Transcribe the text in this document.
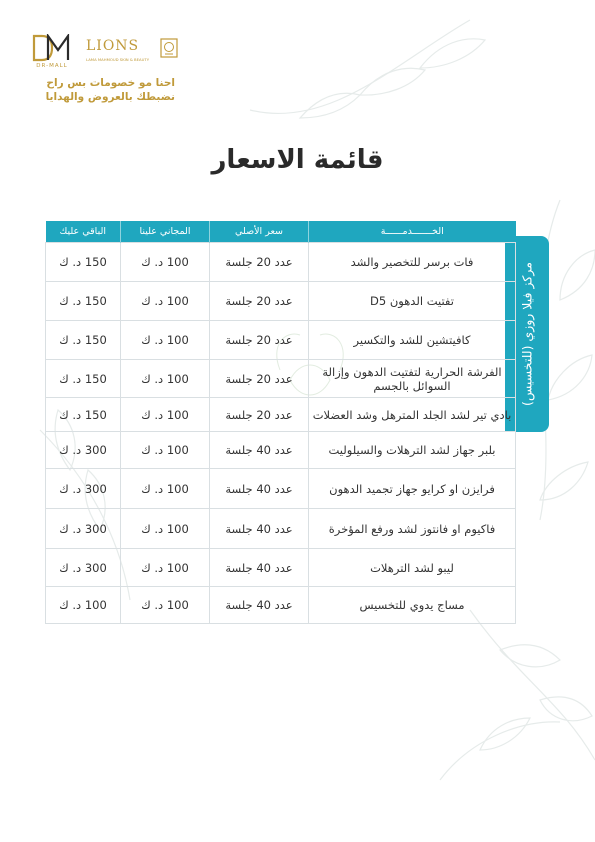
DR-MALL
LIONS
LAMA MAHMOUD SKIN & BEAUTY
احنا مو خصومات بس راح
نضبطك بالعروض والهدايا
قائمة الاسعار
مركز فيلا روزي (للتخسيس)
الباقي عليك	المجاني علينا	سعر الأصلي	الخـــــــدمــــــة
150 د. ك	100 د. ك	عدد 20 جلسة	فات برسر للتخصير والشد
150 د. ك	100 د. ك	عدد 20 جلسة	تفتيت الدهون D5
150 د. ك	100 د. ك	عدد 20 جلسة	كافيتشين للشد والتكسير
150 د. ك	100 د. ك	عدد 20 جلسة	الفرشة الحرارية لتفتيت الدهون وإزالة السوائل بالجسم
150 د. ك	100 د. ك	عدد 20 جلسة	بادي تير لشد الجلد المترهل وشد العضلات
300 د. ك	100 د. ك	عدد 40 جلسة	بلبر جهاز لشد الترهلات والسيلوليت
300 د. ك	100 د. ك	عدد 40 جلسة	فرايزن او كرايو جهاز تجميد الدهون
300 د. ك	100 د. ك	عدد 40 جلسة	فاكيوم او فانتوز لشد ورفع المؤخرة
300 د. ك	100 د. ك	عدد 40 جلسة	ليبو لشد الترهلات
100 د. ك	100 د. ك	عدد 40 جلسة	مساج يدوي للتخسيس
